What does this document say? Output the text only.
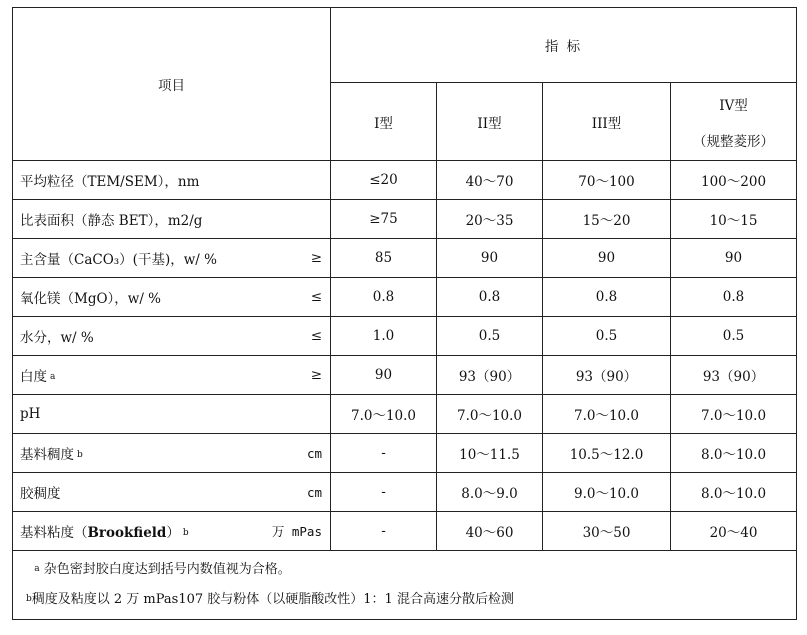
项目	指 标			
	I型	II型	III型	IV型
（规整菱形）

平均粒径（TEM/SEM），nm	≤20	40～70	70～100	100～200
比表面积（静态 BET），m2/g	≥75	20～35	15～20	10～15

主含量（CaCO₃）(干基)，w/ % ≥	85	90	90	90

氧化镁（MgO），w/ % ≤	0.8	0.8	0.8	0.8

水分，w/ % ≤	1.0	0.5	0.5	0.5

白度 $^a$ ≥	90	93（90）	93（90）	93（90）
pH	7.0～10.0	7.0～10.0	7.0～10.0	7.0～10.0

基料稠度 $^b$ cm	-	10～11.5	10.5～12.0	8.0～10.0

胶稠度 cm	-	8.0～9.0	9.0～10.0	8.0～10.0

基料粘度（Brookfield） $^b$ 万 mPas	-	40～60	30～50	20～40

$^a$ 杂色密封胶白度达到括号内数值视为合格。
$^b$稠度及粘度以 2 万 mPas107 胶与粉体（以硬脂酸改性）1：1 混合高速分散后检测				
